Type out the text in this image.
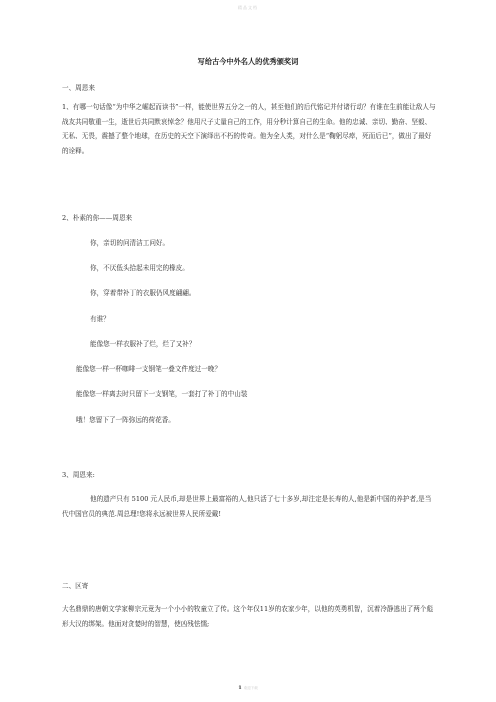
精品文档
写给古今中外名人的优秀颁奖词
一、周恩来
1、有哪一句话像“为中华之崛起而读书”一样，能使世界五分之一的人，甚至他们的后代铭记并付诸行动？有谁在生前能让敌人与战友共同敬重一生，逝世后共同默哀悼念？他用尺子丈量自己的工作，用分秒计算自己的生命。他的忠诚、亲切、勤奋、坚毅、无私、无畏，震撼了整个地球，在历史的天空下演绎出不朽的传奇。他为全人类，对什么是“鞠躬尽瘁，死而后已”，做出了最好的诠释。
2、朴素的你——周恩来
你，亲切的问清洁工问好。
你，不厌低头拾起未用完的橡皮。
你，穿着带补丁的衣服仍风度翩翩。
有谁？
能像您一样衣服补了烂，烂了又补？
能像您一样一杯咖啡一支钢笔一叠文件度过一晚？
能像您一样离去时只留下一支钢笔，一套打了补丁的中山装
哦！您留下了一阵弥远的荷花香。
3、周恩来:
他的遗产只有 5100 元人民币,却是世界上最富裕的人,他只活了七十多岁,却注定是长寿的人,他是新中国的养护者,是当代中国官员的典范.周总理!您将永远被世界人民所爱戴!
二、区寄
大名鼎鼎的唐朝文学家柳宗元竟为一个小小的牧童立了传。这个年仅11岁的农家少年，以他的英勇机智，沉着冷静逃出了两个彪形大汉的绑架。他面对贪婪时的智慧，使凶残怯懦;
1 欢迎下载
